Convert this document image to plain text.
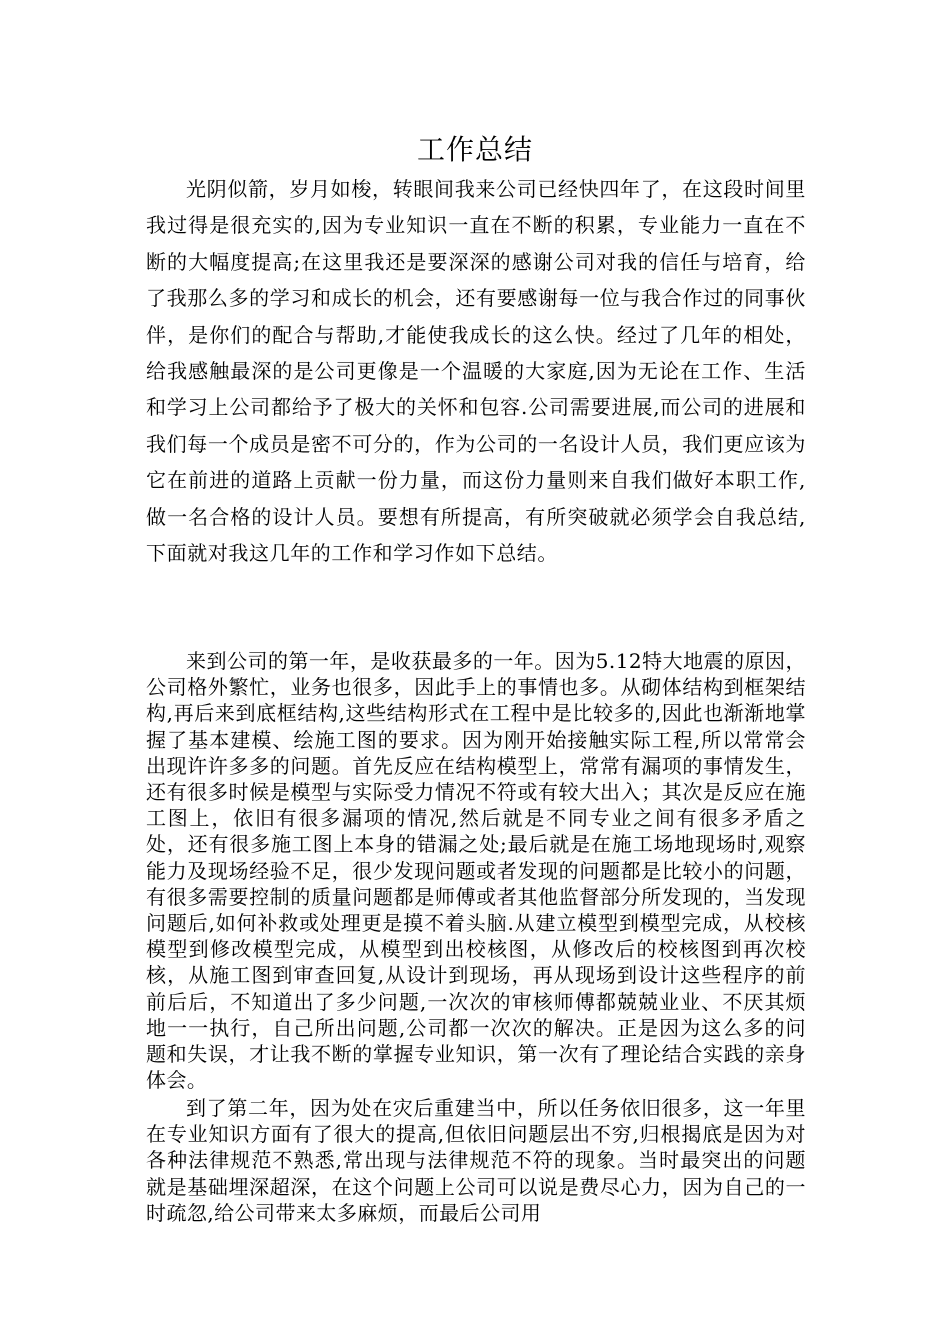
工作总结

光阴似箭，岁月如梭，转眼间我来公司已经快四年了，在这段时间里我过得是很充实的,因为专业知识一直在不断的积累，专业能力一直在不断的大幅度提高;在这里我还是要深深的感谢公司对我的信任与培育，给了我那么多的学习和成长的机会，还有要感谢每一位与我合作过的同事伙伴，是你们的配合与帮助,才能使我成长的这么快。经过了几年的相处，给我感触最深的是公司更像是一个温暖的大家庭,因为无论在工作、生活和学习上公司都给予了极大的关怀和包容.公司需要进展,而公司的进展和我们每一个成员是密不可分的，作为公司的一名设计人员，我们更应该为它在前进的道路上贡献一份力量，而这份力量则来自我们做好本职工作,做一名合格的设计人员。要想有所提高，有所突破就必须学会自我总结,下面就对我这几年的工作和学习作如下总结。

来到公司的第一年，是收获最多的一年。因为5.12特大地震的原因，公司格外繁忙，业务也很多，因此手上的事情也多。从砌体结构到框架结构,再后来到底框结构,这些结构形式在工程中是比较多的,因此也渐渐地掌握了基本建模、绘施工图的要求。因为刚开始接触实际工程,所以常常会出现许许多多的问题。首先反应在结构模型上，常常有漏项的事情发生，还有很多时候是模型与实际受力情况不符或有较大出入；其次是反应在施工图上，依旧有很多漏项的情况,然后就是不同专业之间有很多矛盾之处，还有很多施工图上本身的错漏之处;最后就是在施工场地现场时,观察能力及现场经验不足，很少发现问题或者发现的问题都是比较小的问题，有很多需要控制的质量问题都是师傅或者其他监督部分所发现的，当发现问题后,如何补救或处理更是摸不着头脑.从建立模型到模型完成，从校核模型到修改模型完成，从模型到出校核图，从修改后的校核图到再次校核，从施工图到审查回复,从设计到现场，再从现场到设计这些程序的前前后后，不知道出了多少问题,一次次的审核师傅都兢兢业业、不厌其烦地一一执行，自己所出问题,公司都一次次的解决。正是因为这么多的问题和失误，才让我不断的掌握专业知识，第一次有了理论结合实践的亲身体会。

到了第二年，因为处在灾后重建当中，所以任务依旧很多，这一年里在专业知识方面有了很大的提高,但依旧问题层出不穷,归根揭底是因为对各种法律规范不熟悉,常出现与法律规范不符的现象。当时最突出的问题就是基础埋深超深，在这个问题上公司可以说是费尽心力，因为自己的一时疏忽,给公司带来太多麻烦，而最后公司用
